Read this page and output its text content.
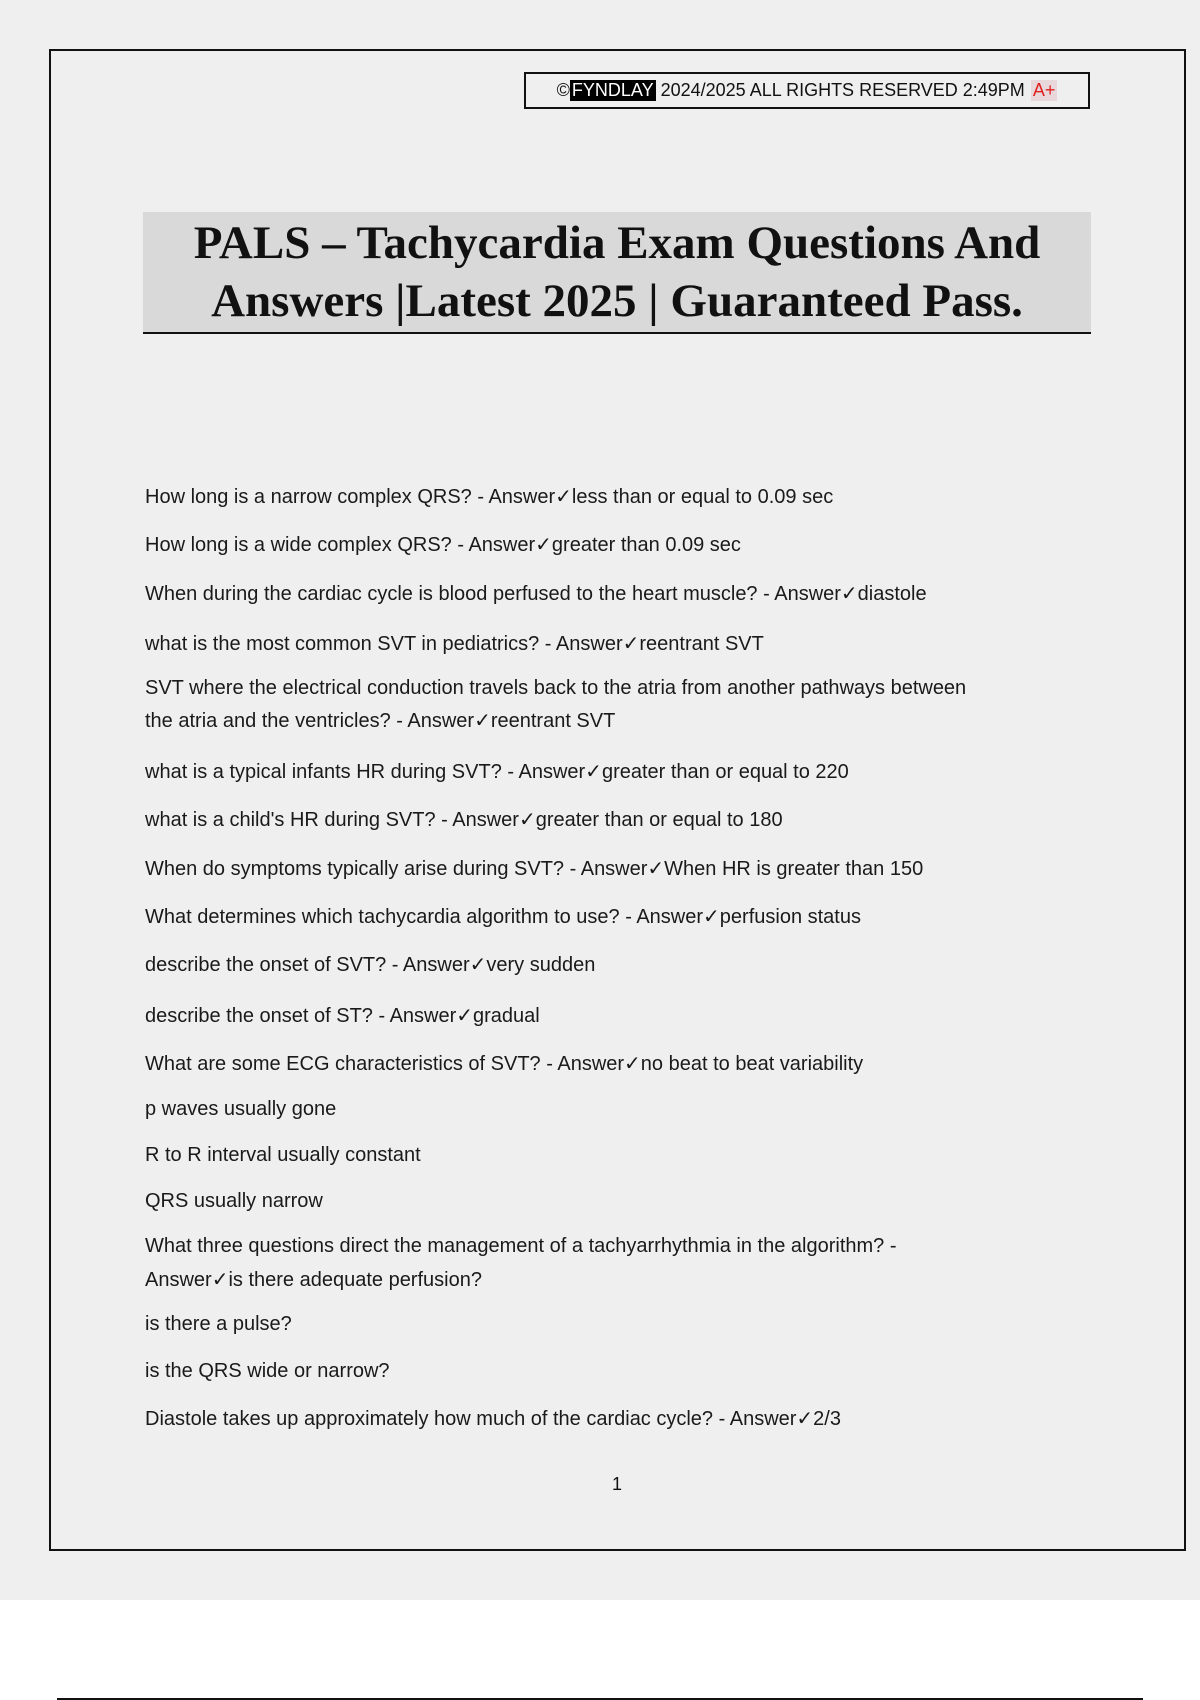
© FYNDLAY
2024/2025 ALL RIGHTS RESERVED 2:49PM A+
PALS – Tachycardia Exam Questions And
Answers |Latest 2025 | Guaranteed Pass.
How long is a narrow complex QRS? - Answer✓less than or equal to 0.09 sec
How long is a wide complex QRS? - Answer✓greater than 0.09 sec
When during the cardiac cycle is blood perfused to the heart muscle? - Answer✓diastole
what is the most common SVT in pediatrics? - Answer✓reentrant SVT
SVT where the electrical conduction travels back to the atria from another pathways between
the atria and the ventricles? - Answer✓reentrant SVT
what is a typical infants HR during SVT? - Answer✓greater than or equal to 220
what is a child's HR during SVT? - Answer✓greater than or equal to 180
When do symptoms typically arise during SVT? - Answer✓When HR is greater than 150
What determines which tachycardia algorithm to use? - Answer✓perfusion status
describe the onset of SVT? - Answer✓very sudden
describe the onset of ST? - Answer✓gradual
What are some ECG characteristics of SVT? - Answer✓no beat to beat variability
p waves usually gone
R to R interval usually constant
QRS usually narrow
What three questions direct the management of a tachyarrhythmia in the algorithm? -
Answer✓is there adequate perfusion?
is there a pulse?
is the QRS wide or narrow?
Diastole takes up approximately how much of the cardiac cycle? - Answer✓2/3
1
